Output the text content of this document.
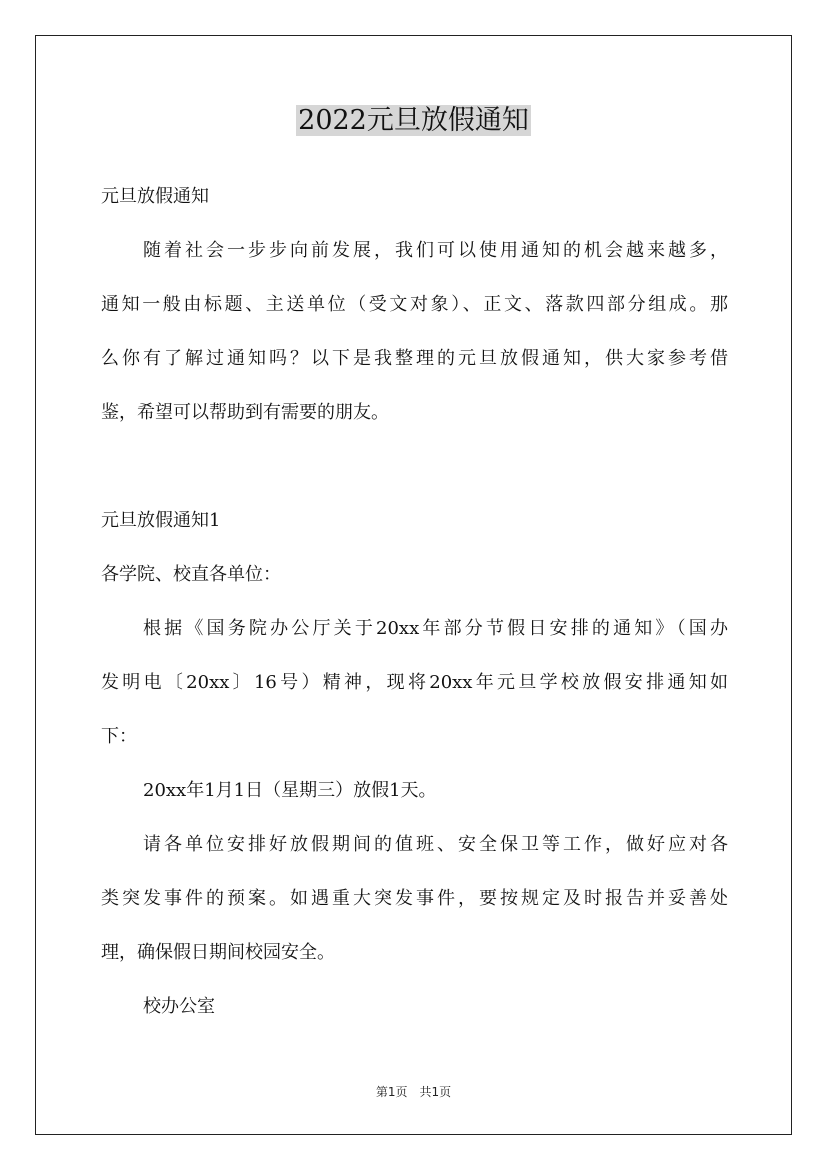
2022元旦放假通知
元旦放假通知
随着社会一步步向前发展，我们可以使用通知的机会越来越多，
通知一般由标题、主送单位（受文对象）、正文、落款四部分组成。那
么你有了解过通知吗？以下是我整理的元旦放假通知，供大家参考借
鉴，希望可以帮助到有需要的朋友。
元旦放假通知1
各学院、校直各单位：
根据《国务院办公厅关于20xx年部分节假日安排的通知》（国办
发明电〔20xx〕16号）精神，现将20xx年元旦学校放假安排通知如
下：
20xx年1月1日（星期三）放假1天。
请各单位安排好放假期间的值班、安全保卫等工作，做好应对各
类突发事件的预案。如遇重大突发事件，要按规定及时报告并妥善处
理，确保假日期间校园安全。
校办公室
第1页 共1页
